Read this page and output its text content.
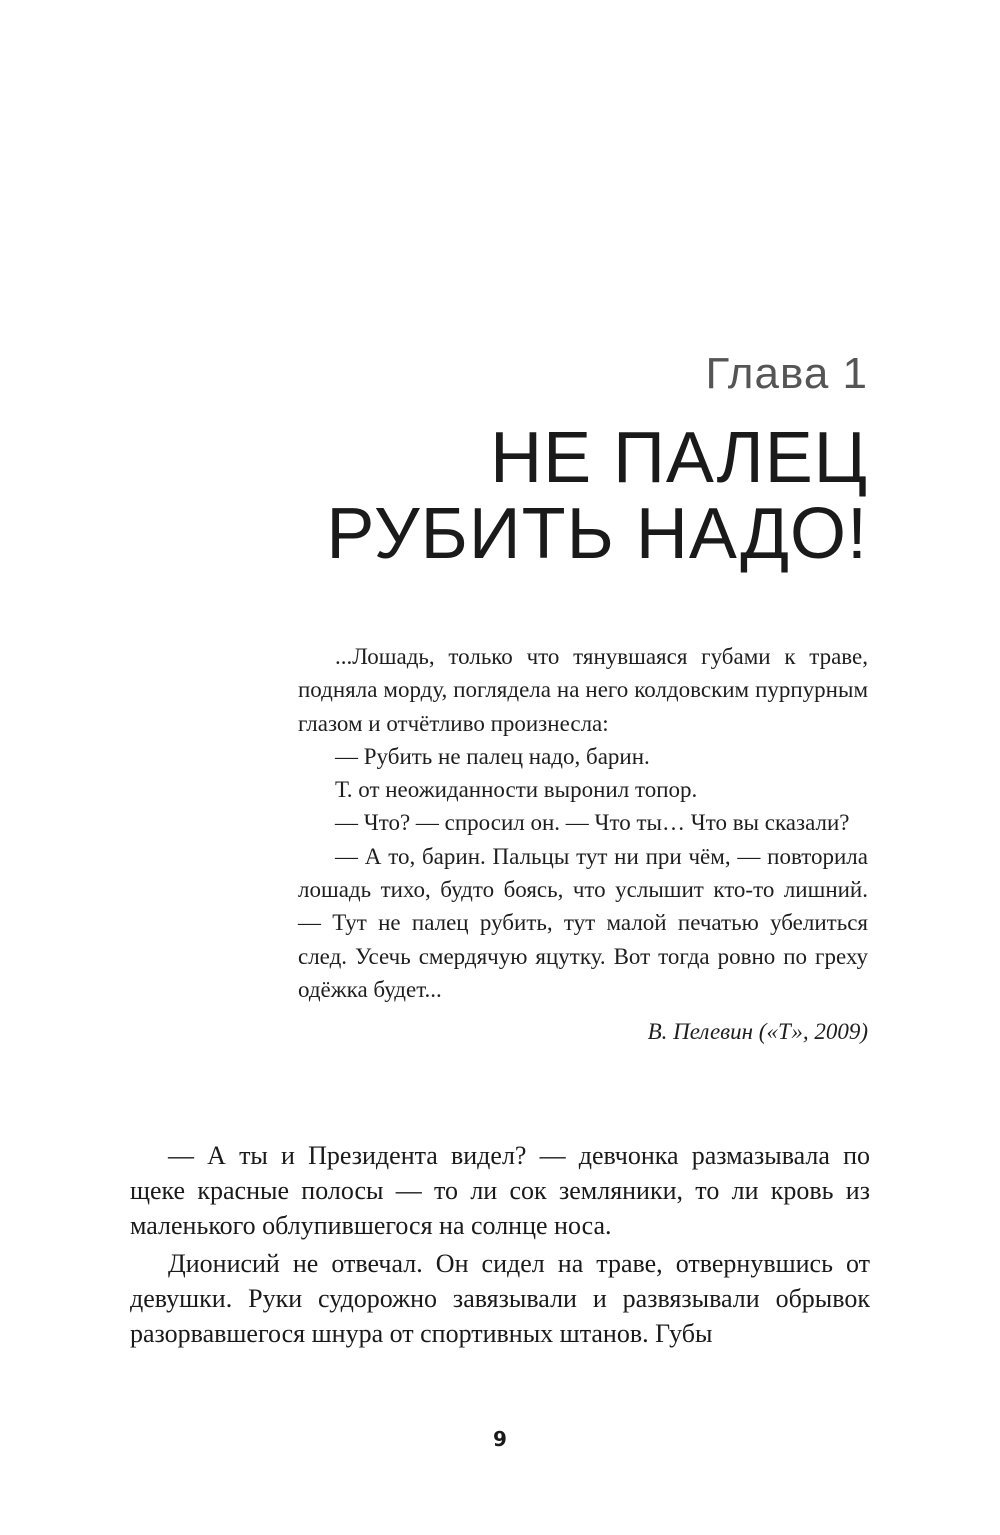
Глава 1
НЕ ПАЛЕЦ
РУБИТЬ НАДО!

...Лошадь, только что тянувшаяся губами к траве, подняла морду, поглядела на него колдовским пурпурным глазом и отчётливо произнесла:

— Рубить не палец надо, барин.

Т. от неожиданности выронил топор.

— Что? — спросил он. — Что ты… Что вы сказали?

— А то, барин. Пальцы тут ни при чём, — повторила лошадь тихо, будто боясь, что услышит кто-то лишний. — Тут не палец рубить, тут малой печатью убелиться след. Усечь смердячую яцутку. Вот тогда ровно по греху одёжка будет...

В. Пелевин («Т», 2009)

— А ты и Президента видел? — девчонка размазывала по щеке красные полосы — то ли сок земляники, то ли кровь из маленького облупившегося на солнце носа.

Дионисий не отвечал. Он сидел на траве, отвернувшись от девушки. Руки судорожно завязывали и развязывали обрывок разорвавшегося шнура от спортивных штанов. Губы

9
